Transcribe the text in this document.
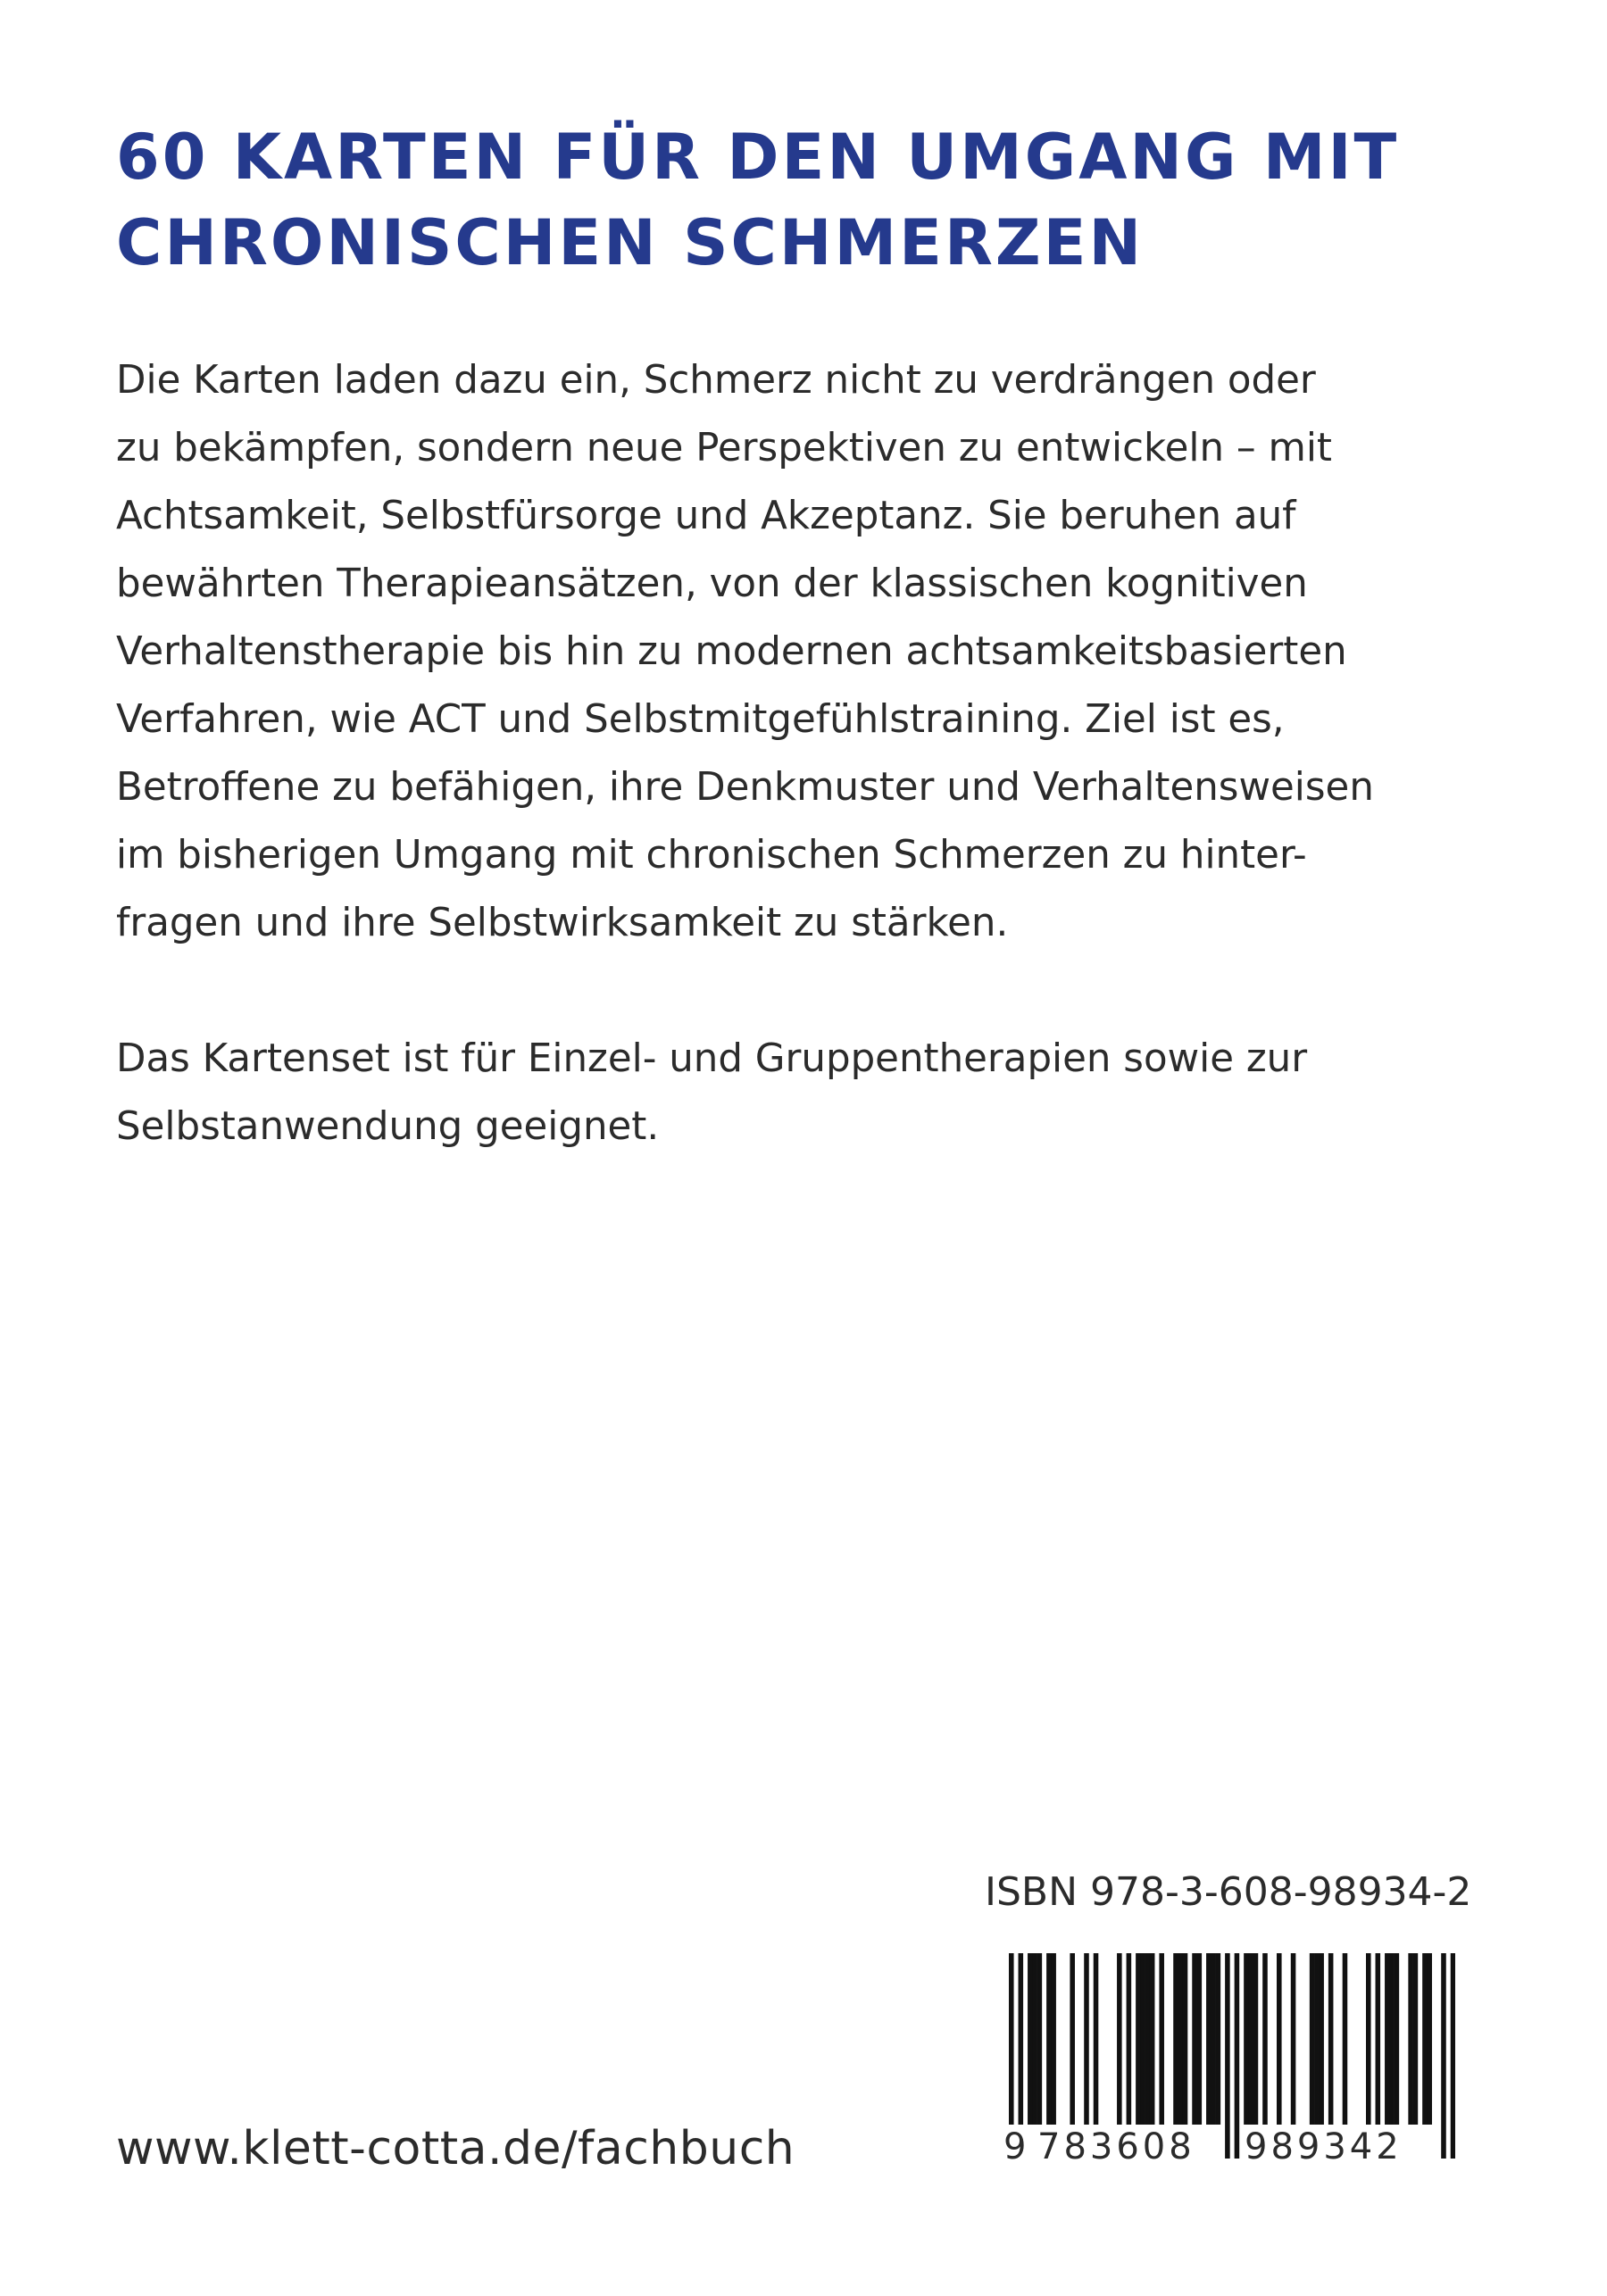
60 KARTEN FÜR DEN UMGANG MIT
CHRONISCHEN SCHMERZEN
Die Karten laden dazu ein, Schmerz nicht zu verdrängen oder
zu bekämpfen, sondern neue Perspektiven zu entwickeln – mit
Achtsamkeit, Selbstfürsorge und Akzeptanz. Sie beruhen auf
bewährten Therapieansätzen, von der klassischen kognitiven
Verhaltenstherapie bis hin zu modernen achtsamkeitsbasierten
Verfahren, wie ACT und Selbstmitgefühlstraining. Ziel ist es,
Betroffene zu befähigen, ihre Denkmuster und Verhaltensweisen
im bisherigen Umgang mit chronischen Schmerzen zu hinter-
fragen und ihre Selbstwirksamkeit zu stärken.
Das Kartenset ist für Einzel- und Gruppentherapien sowie zur
Selbstanwendung geeignet.
ISBN 978-3-608-98934-2
9 783608 989342
www.klett-cotta.de/fachbuch
